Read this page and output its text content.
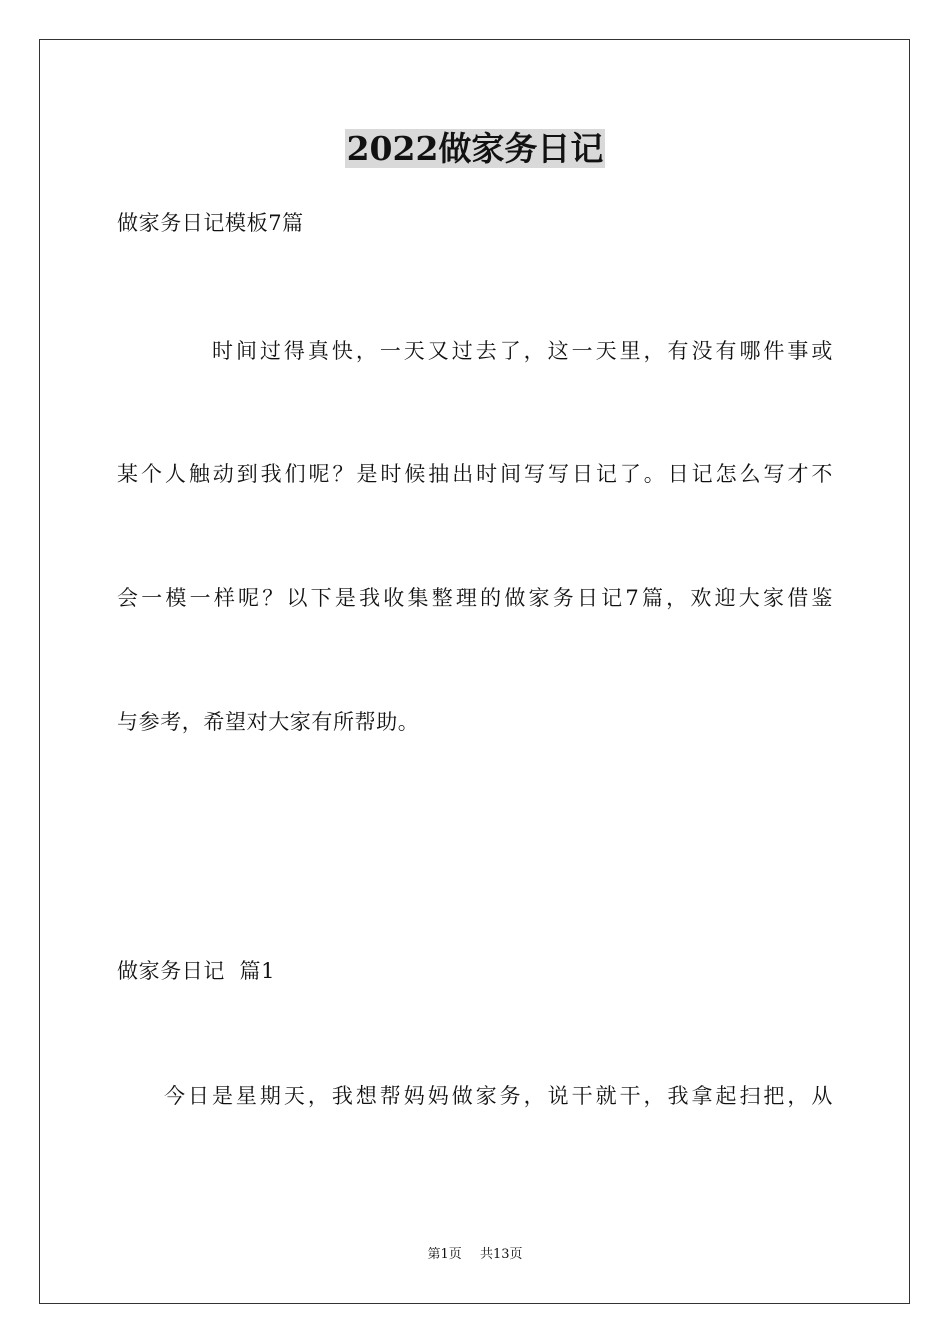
2022做家务日记
做家务日记模板7篇
时间过得真快，一天又过去了，这一天里，有没有哪件事或
某个人触动到我们呢？是时候抽出时间写写日记了。日记怎么写才不
会一模一样呢？以下是我收集整理的做家务日记7篇，欢迎大家借鉴
与参考，希望对大家有所帮助。
做家务日记  篇1
今日是星期天，我想帮妈妈做家务，说干就干，我拿起扫把，从
第1页 共13页
